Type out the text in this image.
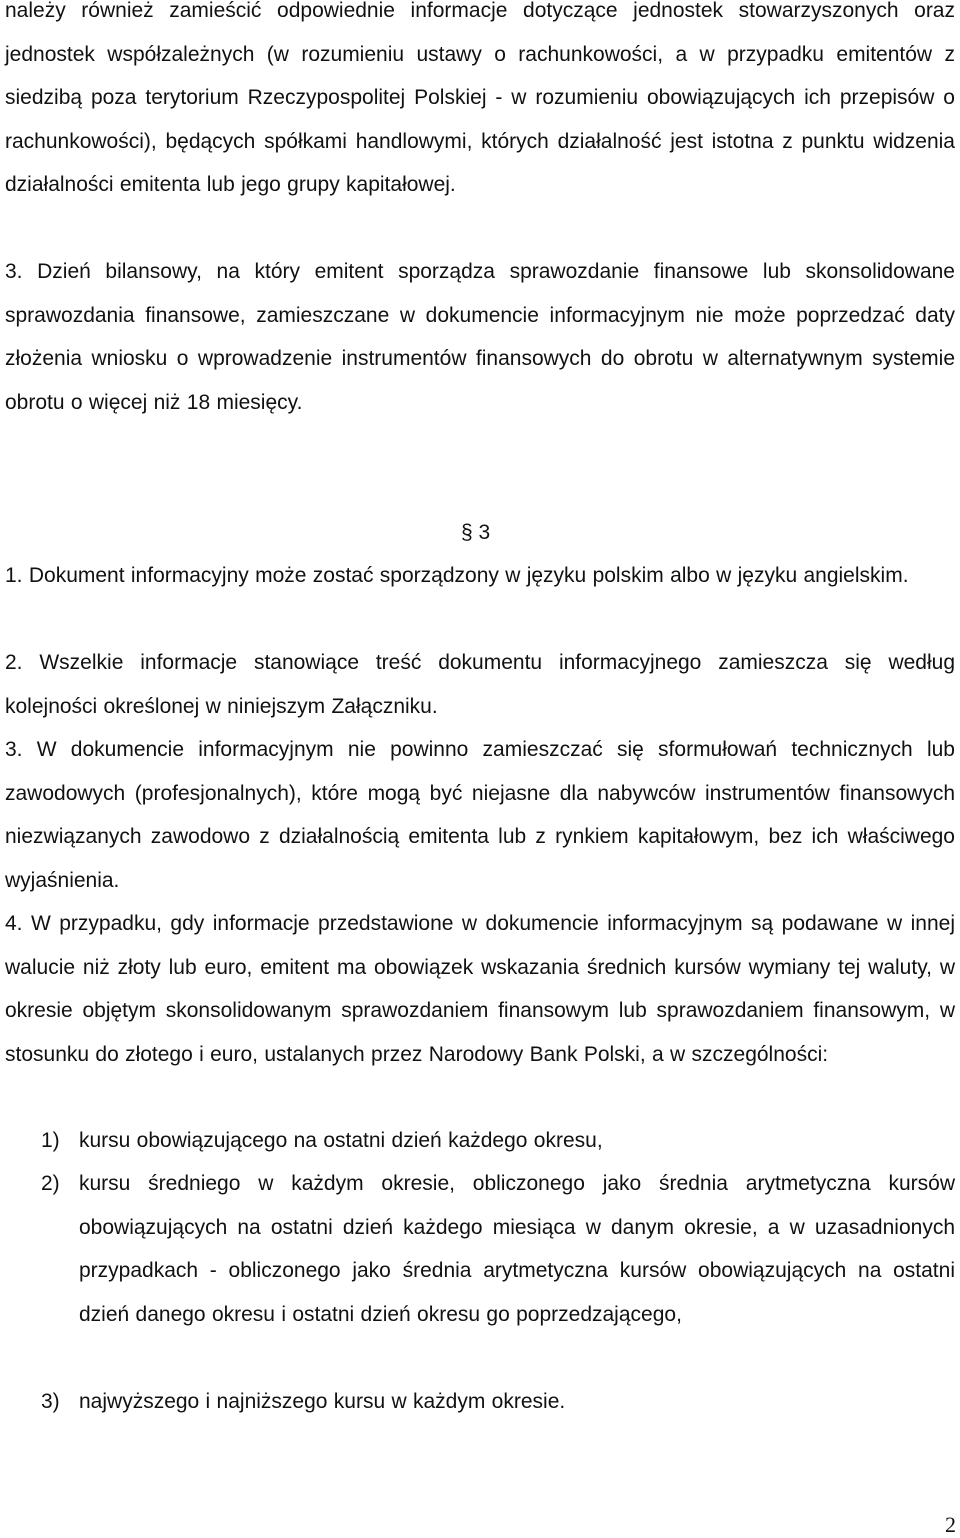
należy również zamieścić odpowiednie informacje dotyczące jednostek stowarzyszonych oraz jednostek współzależnych (w rozumieniu ustawy o rachunkowości, a w przypadku emitentów z siedzibą poza terytorium Rzeczypospolitej Polskiej - w rozumieniu obowiązujących ich przepisów o rachunkowości), będących spółkami handlowymi, których działalność jest istotna z punktu widzenia działalności emitenta lub jego grupy kapitałowej.

3. Dzień bilansowy, na który emitent sporządza sprawozdanie finansowe lub skonsolidowane sprawozdania finansowe, zamieszczane w dokumencie informacyjnym nie może poprzedzać daty złożenia wniosku o wprowadzenie instrumentów finansowych do obrotu w alternatywnym systemie obrotu o więcej niż 18 miesięcy.

§ 3

1. Dokument informacyjny może zostać sporządzony w języku polskim albo w języku angielskim.

2. Wszelkie informacje stanowiące treść dokumentu informacyjnego zamieszcza się według kolejności określonej w niniejszym Załączniku.

3. W dokumencie informacyjnym nie powinno zamieszczać się sformułowań technicznych lub zawodowych (profesjonalnych), które mogą być niejasne dla nabywców instrumentów finansowych niezwiązanych zawodowo z działalnością emitenta lub z rynkiem kapitałowym, bez ich właściwego wyjaśnienia.

4. W przypadku, gdy informacje przedstawione w dokumencie informacyjnym są podawane w innej walucie niż złoty lub euro, emitent ma obowiązek wskazania średnich kursów wymiany tej waluty, w okresie objętym skonsolidowanym sprawozdaniem finansowym lub sprawozdaniem finansowym, w stosunku do złotego i euro, ustalanych przez Narodowy Bank Polski, a w szczególności:

1) kursu obowiązującego na ostatni dzień każdego okresu,
2) kursu średniego w każdym okresie, obliczonego jako średnia arytmetyczna kursów obowiązujących na ostatni dzień każdego miesiąca w danym okresie, a w uzasadnionych przypadkach - obliczonego jako średnia arytmetyczna kursów obowiązujących na ostatni dzień danego okresu i ostatni dzień okresu go poprzedzającego,
3) najwyższego i najniższego kursu w każdym okresie.
2
